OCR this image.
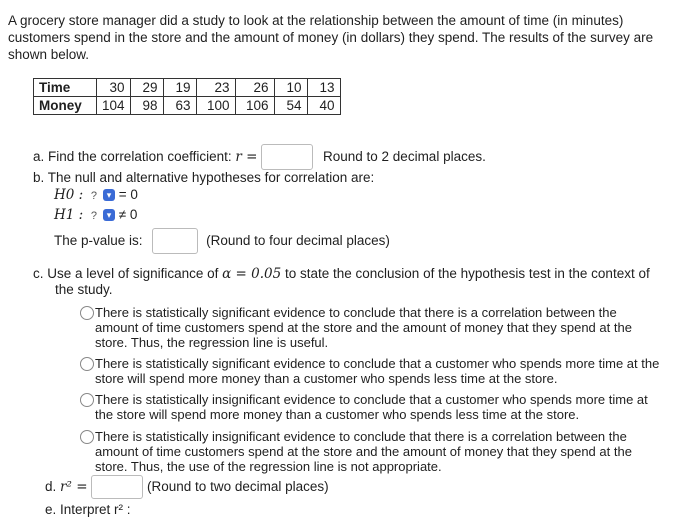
A grocery store manager did a study to look at the relationship between the amount of time (in minutes) customers spend in the store and the amount of money (in dollars) they spend. The results of the survey are shown below.
Time	30	29	19	23	26	10	13
Money	104	98	63	100	106	54	40
a. Find the correlation coefficient: r =	Round to 2 decimal places.
b. The null and alternative hypotheses for correlation are:
H0 : ? ▾ = 0
H1 : ? ▾ ≠ 0
The p-value is:	(Round to four decimal places)
c. Use a level of significance of α = 0.05 to state the conclusion of the hypothesis test in the context of
the study.
There is statistically significant evidence to conclude that there is a correlation between the amount of time customers spend at the store and the amount of money that they spend at the store. Thus, the regression line is useful.
There is statistically significant evidence to conclude that a customer who spends more time at the store will spend more money than a customer who spends less time at the store.
There is statistically insignificant evidence to conclude that a customer who spends more time at the store will spend more money than a customer who spends less time at the store.
There is statistically insignificant evidence to conclude that there is a correlation between the amount of time customers spend at the store and the amount of money that they spend at the store. Thus, the use of the regression line is not appropriate.
d. r² =	(Round to two decimal places)
e. Interpret r² :
